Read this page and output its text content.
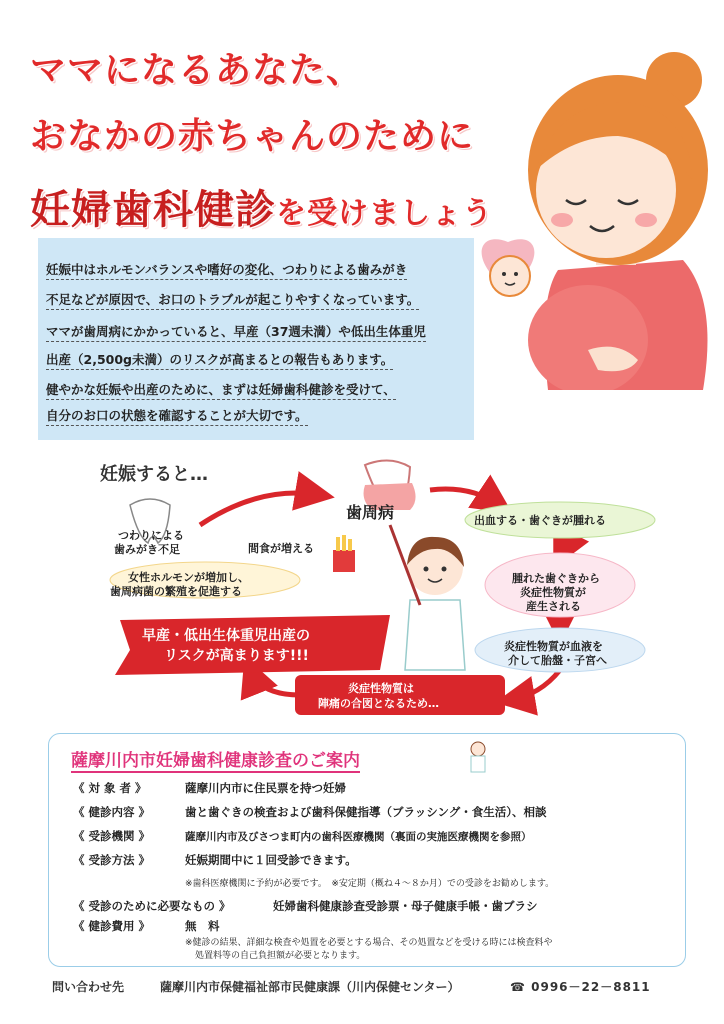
ママになるあなた、
おなかの赤ちゃんのために
妊婦歯科健診を受けましょう

妊娠中はホルモンバランスや嗜好の変化、つわりによる歯みがき

不足などが原因で、お口のトラブルが起こりやすくなっています。

ママが歯周病にかかっていると、早産（37週未満）や低出生体重児

出産（2,500g未満）のリスクが高まるとの報告もあります。

健やかな妊娠や出産のために、まずは妊婦歯科健診を受けて、

自分のお口の状態を確認することが大切です。

妊娠すると…
つわりによる
歯みがき不足	間食が増える
女性ホルモンが増加し、
歯周病菌の繁殖を促進する
歯周病	出血する・歯ぐきが腫れる
腫れた歯ぐきから
炎症性物質が
産生される
炎症性物質が血液を
介して胎盤・子宮へ
早産・低出生体重児出産の
リスクが高まります!!!
炎症性物質は
陣痛の合図となるため…
薩摩川内市妊婦歯科健康診査のご案内
《 対 象 者 》	薩摩川内市に住民票を持つ妊婦
《 健診内容 》	歯と歯ぐきの検査および歯科保健指導（ブラッシング・食生活）、相談
《 受診機関 》	薩摩川内市及びさつま町内の歯科医療機関（裏面の実施医療機関を参照）
《 受診方法 》	妊娠期間中に１回受診できます。
※歯科医療機関に予約が必要です。　※安定期（概ね４～８か月）での受診をお勧めします。
《 受診のために必要なもの 》	妊婦歯科健康診査受診票・母子健康手帳・歯ブラシ
《 健診費用 》	無　料
※健診の結果、詳細な検査や処置を必要とする場合、その処置などを受ける時には検査料や
処置料等の自己負担額が必要となります。
問い合わせ先	薩摩川内市保健福祉部市民健康課（川内保健センター）	☎ 0996－22－8811
